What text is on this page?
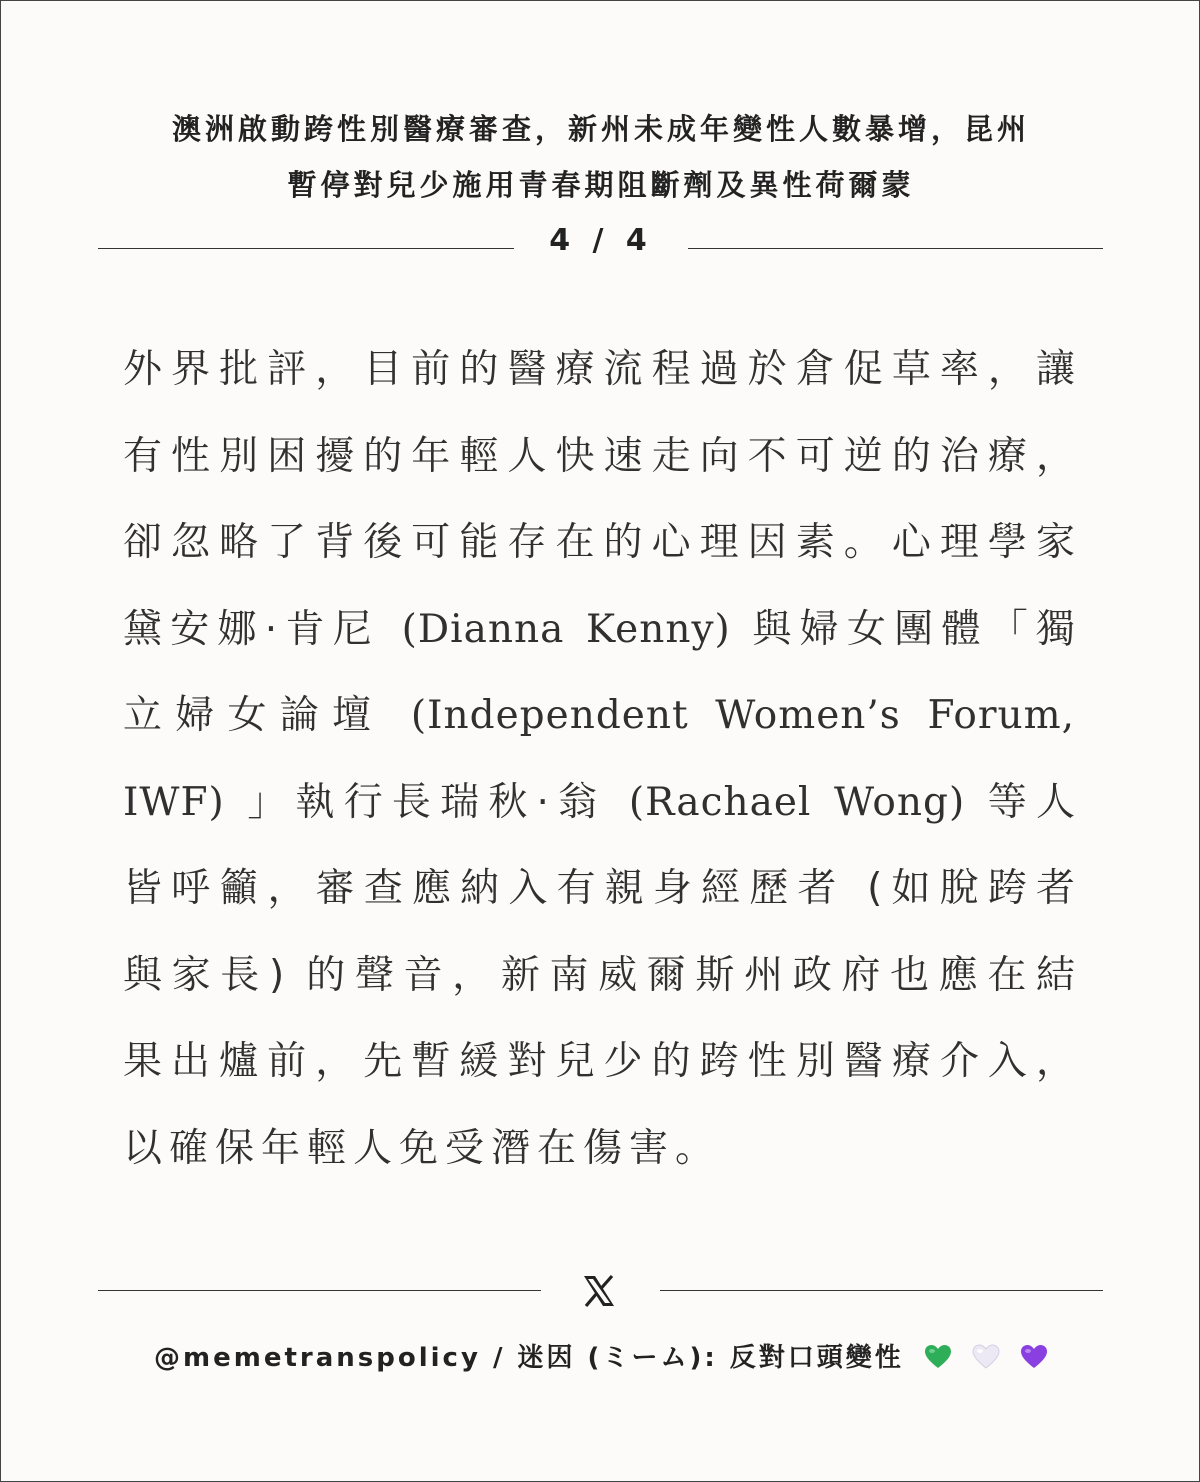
澳洲啟動跨性別醫療審查，新州未成年變性人數暴增，昆州
暫停對兒少施用青春期阻斷劑及異性荷爾蒙
4 / 4
外界批評，目前的醫療流程過於倉促草率，讓
有性別困擾的年輕人快速走向不可逆的治療，
卻忽略了背後可能存在的心理因素。心理學家
黛安娜·肯尼 (Dianna Kenny) 與婦女團體「獨
立婦女論壇 (Independent Women’s Forum,
IWF) 」執行長瑞秋·翁 (Rachael Wong) 等人
皆呼籲，審查應納入有親身經歷者 (如脫跨者
與家長) 的聲音，新南威爾斯州政府也應在結
果出爐前，先暫緩對兒少的跨性別醫療介入，
以確保年輕人免受潛在傷害。
@memetranspolicy / 迷因 (ミーム): 反對口頭變性
